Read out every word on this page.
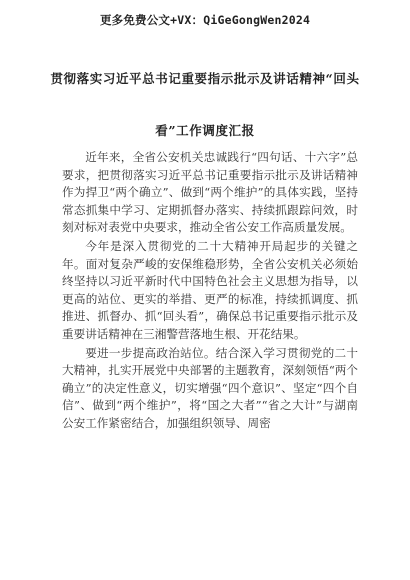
更多免费公文+VX：QiGeGongWen2024
贯彻落实习近平总书记重要指示批示及讲话精神“回头
看”工作调度汇报

近年来，全省公安机关忠诚践行“四句话、十六字”总要求，把贯彻落实习近平总书记重要指示批示及讲话精神作为捍卫“两个确立”、做到“两个维护”的具体实践，坚持常态抓集中学习、定期抓督办落实、持续抓跟踪问效，时刻对标对表党中央要求，推动全省公安工作高质量发展。

今年是深入贯彻党的二十大精神开局起步的关键之年。面对复杂严峻的安保维稳形势，全省公安机关必须始终坚持以习近平新时代中国特色社会主义思想为指导，以更高的站位、更实的举措、更严的标准，持续抓调度、抓推进、抓督办、抓“回头看”，确保总书记重要指示批示及重要讲话精神在三湘警营落地生根、开花结果。

要进一步提高政治站位。结合深入学习贯彻党的二十大精神，扎实开展党中央部署的主题教育，深刻领悟“两个确立”的决定性意义，切实增强“四个意识”、坚定“四个自信”、做到“两个维护”，将“国之大者”“省之大计”与湖南公安工作紧密结合，加强组织领导、周密
